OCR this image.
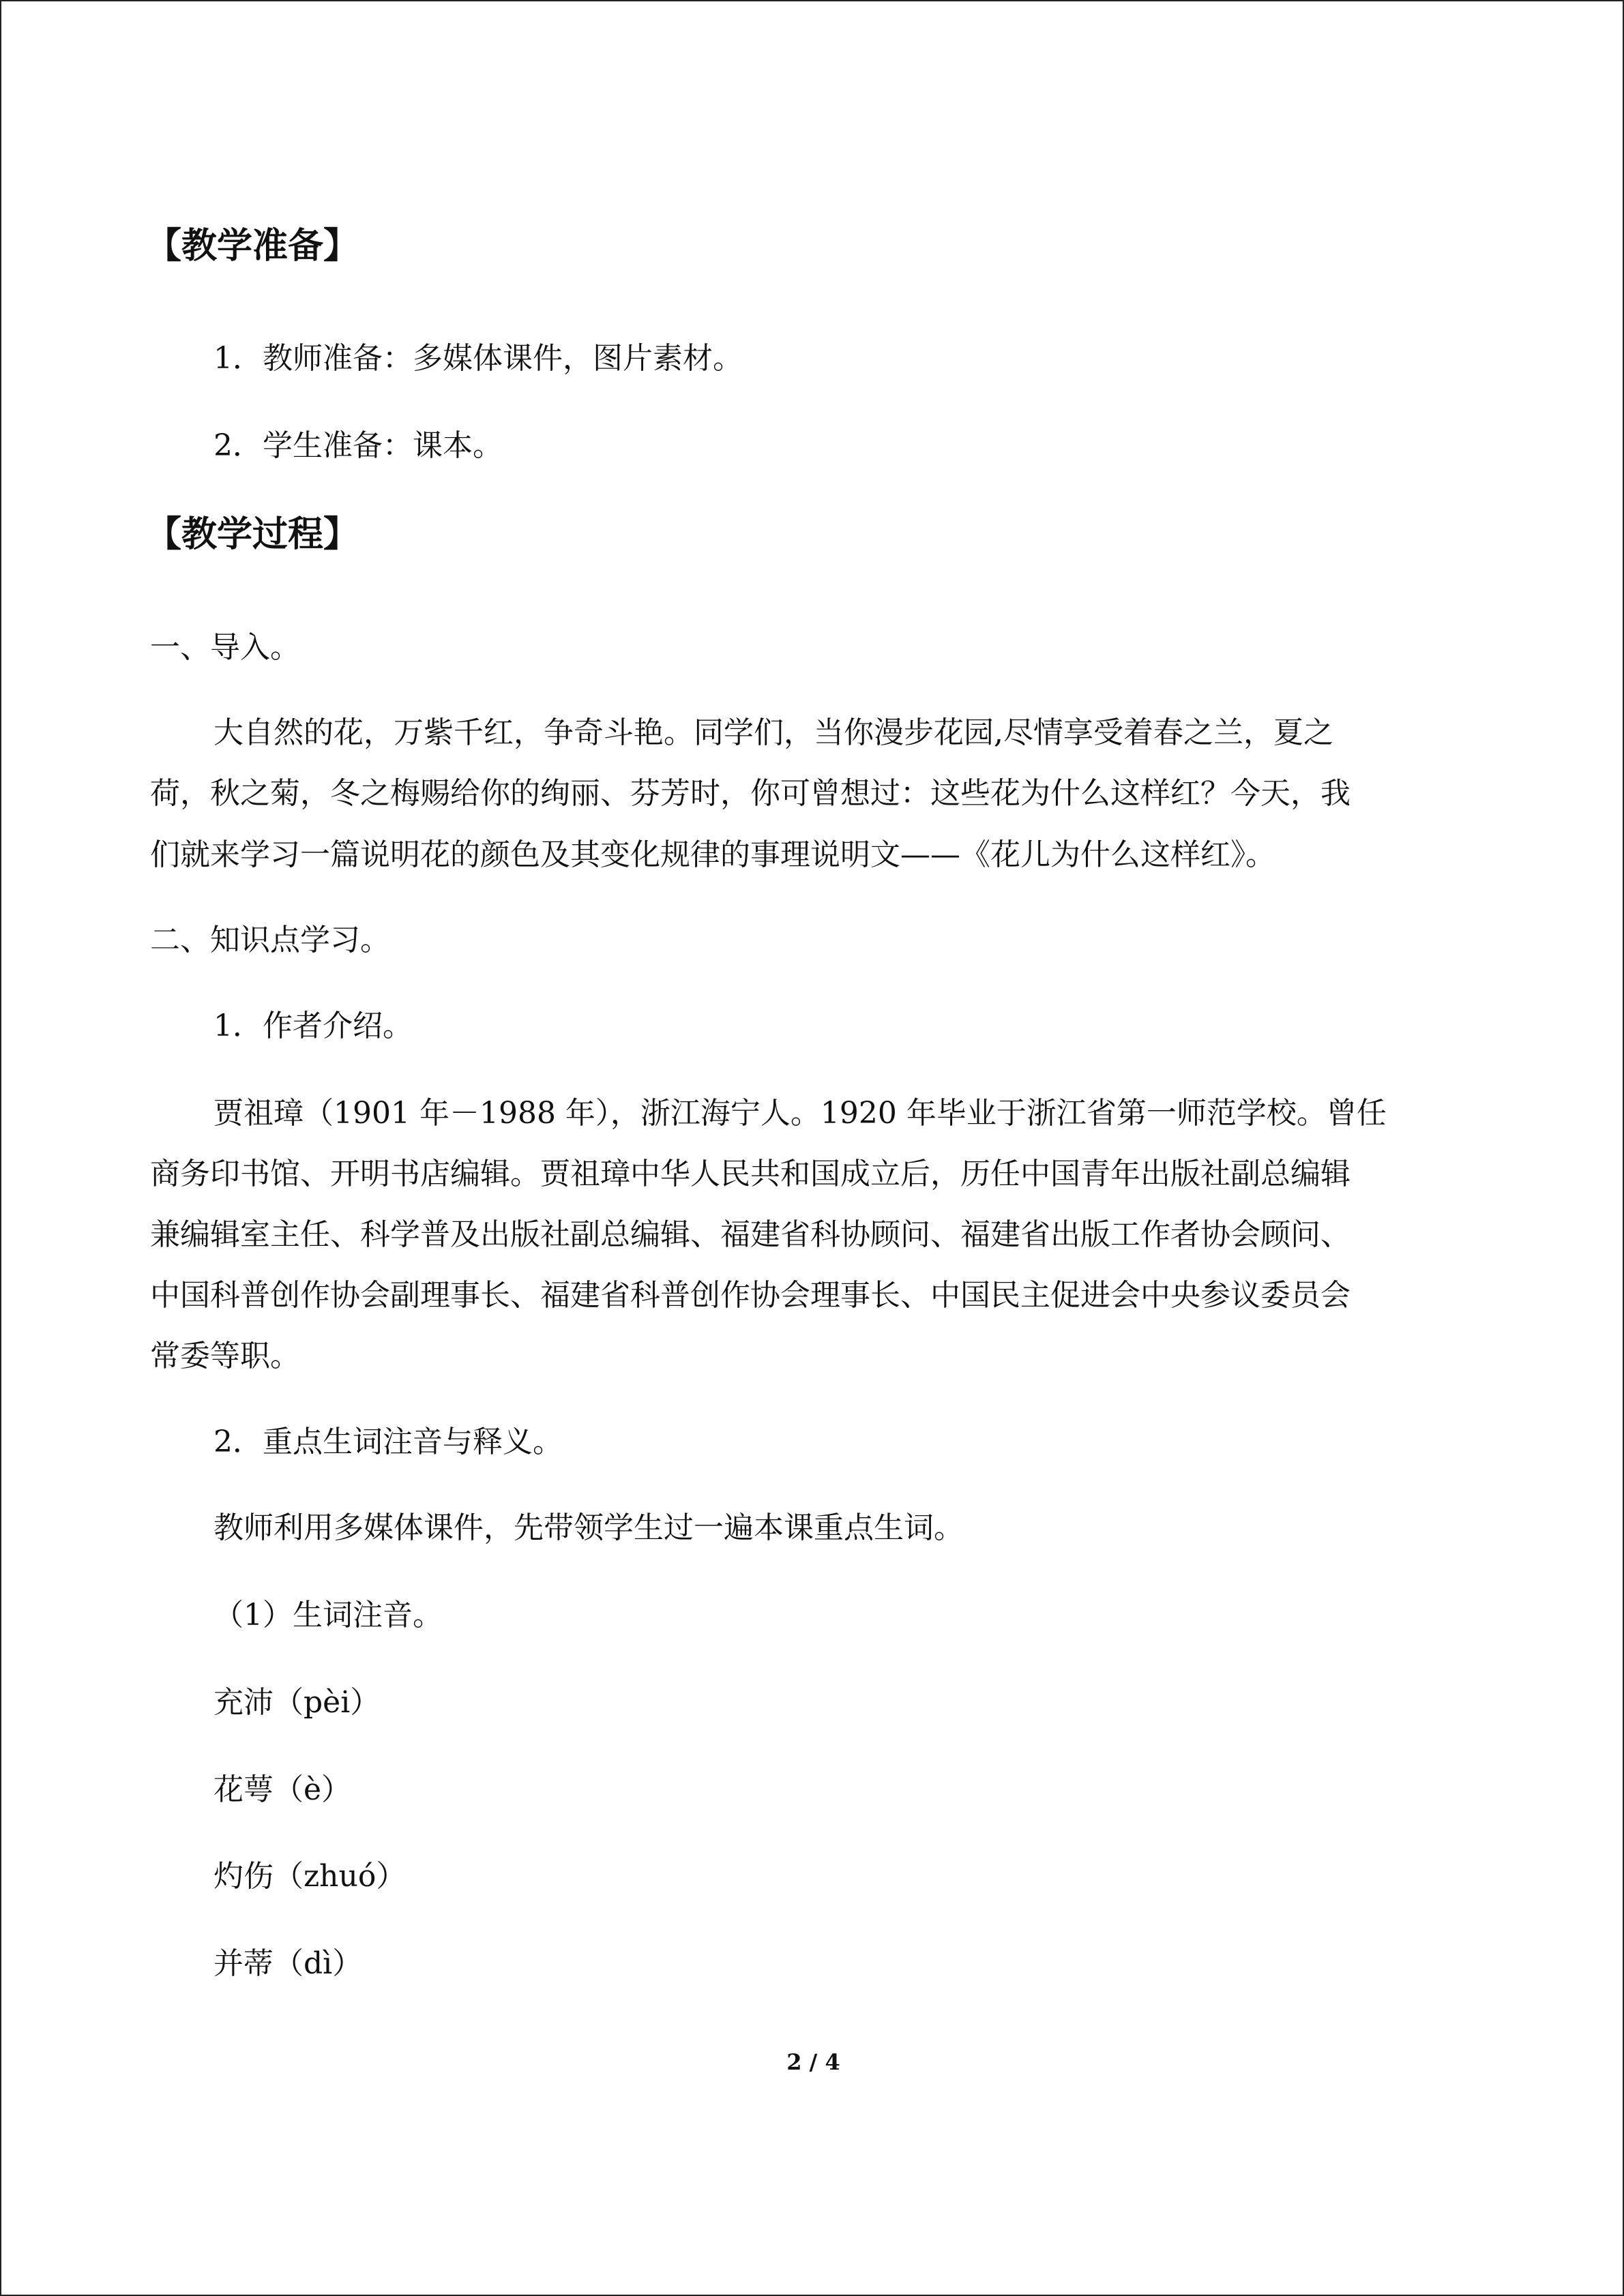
【教学准备】
1．教师准备：多媒体课件，图片素材。
2．学生准备：课本。
【教学过程】
一、导入。
大自然的花，万紫千红，争奇斗艳。同学们，当你漫步花园,尽情享受着春之兰，夏之
荷，秋之菊，冬之梅赐给你的绚丽、芬芳时，你可曾想过：这些花为什么这样红？今天，我
们就来学习一篇说明花的颜色及其变化规律的事理说明文——《花儿为什么这样红》。
二、知识点学习。
1．作者介绍。
贾祖璋（1901 年－1988 年），浙江海宁人。1920 年毕业于浙江省第一师范学校。曾任
商务印书馆、开明书店编辑。贾祖璋中华人民共和国成立后，历任中国青年出版社副总编辑
兼编辑室主任、科学普及出版社副总编辑、福建省科协顾问、福建省出版工作者协会顾问、
中国科普创作协会副理事长、福建省科普创作协会理事长、中国民主促进会中央参议委员会
常委等职。
2．重点生词注音与释义。
教师利用多媒体课件，先带领学生过一遍本课重点生词。
（1）生词注音。
充沛（pèi）
花萼（è）
灼伤（zhuó）
并蒂（dì）
2 / 4
